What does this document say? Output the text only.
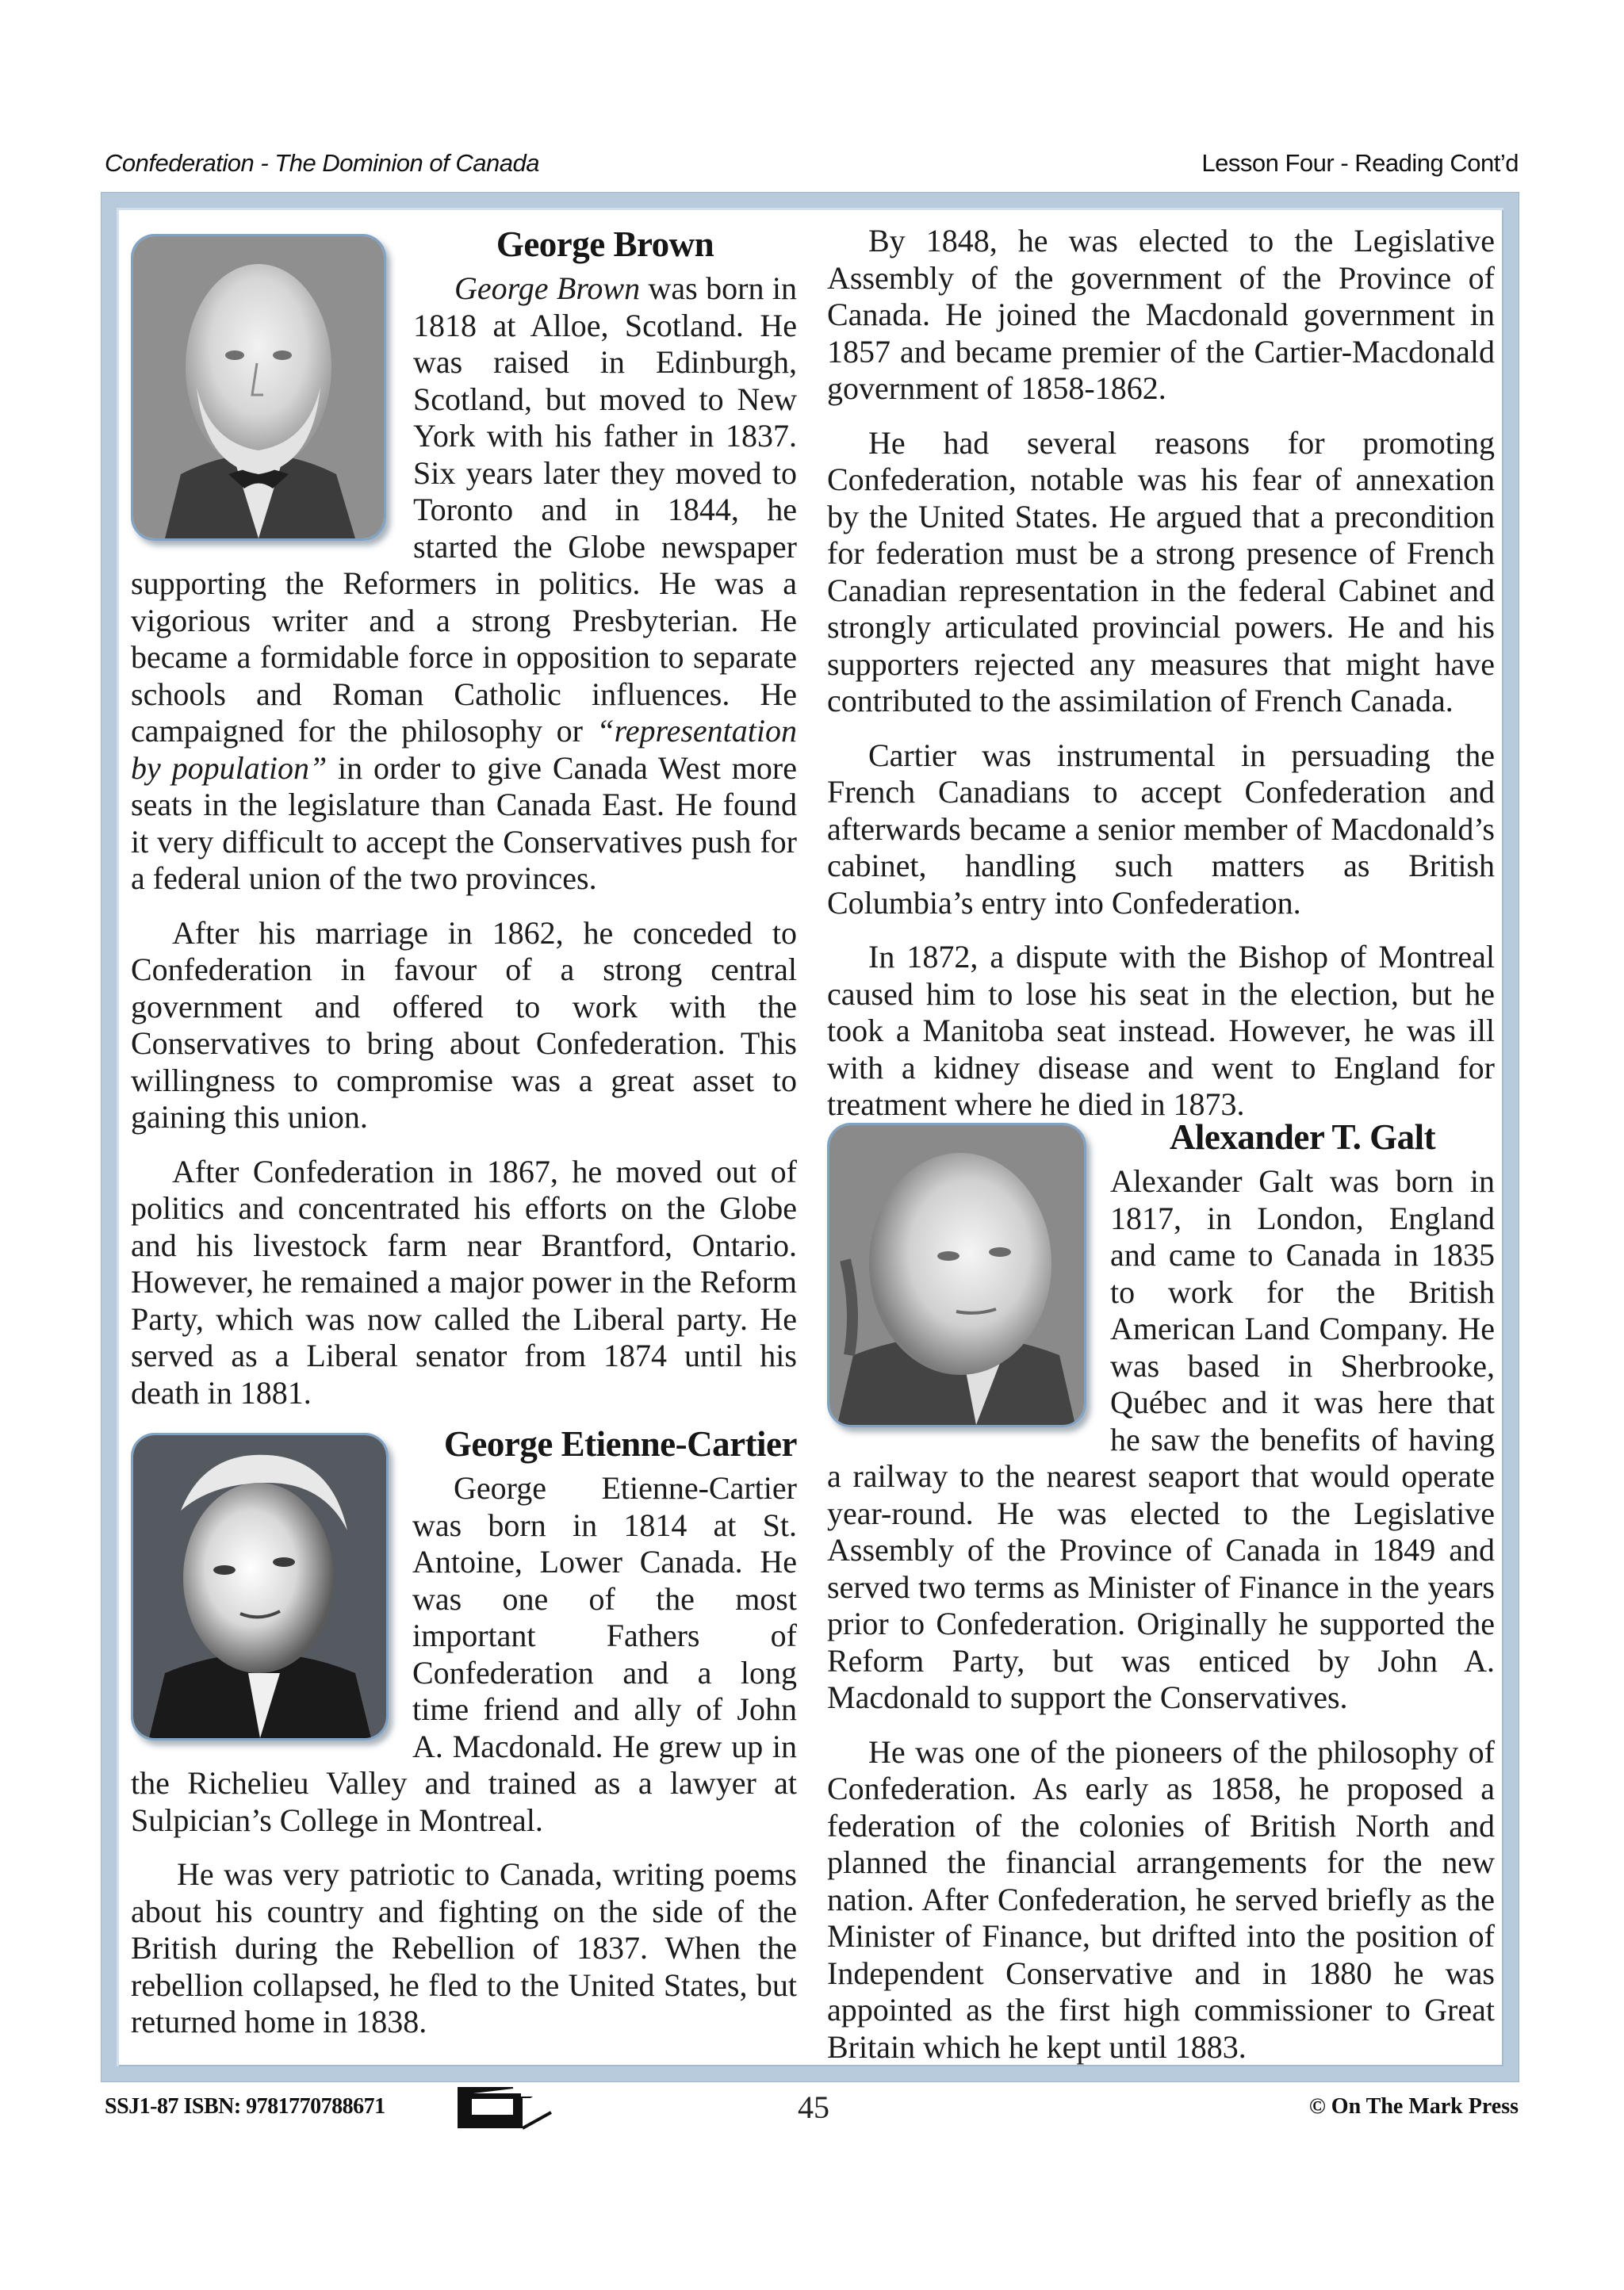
Confederation - The Dominion of Canada	Lesson Four - Reading Cont’d
George Brown

George Brown was born in 1818 at Alloe, Scotland. He was raised in Edinburgh, Scotland, but moved to New York with his father in 1837. Six years later they moved to Toronto and in 1844, he started the Globe newspaper supporting the Reformers in politics. He was a vigorious writer and a strong Presbyterian. He became a formidable force in opposition to separate schools and Roman Catholic influences. He campaigned for the philosophy or “representation by population” in order to give Canada West more seats in the legislature than Canada East. He found it very difficult to accept the Conservatives push for a federal union of the two provinces.

After his marriage in 1862, he conceded to Confederation in favour of a strong central government and offered to work with the Conservatives to bring about Confederation. This willingness to compromise was a great asset to gaining this union.

After Confederation in 1867, he moved out of politics and concentrated his efforts on the Globe and his livestock farm near Brantford, Ontario. However, he remained a major power in the Reform Party, which was now called the Liberal party. He served as a Liberal senator from 1874 until his death in 1881.

George Etienne-Cartier

George Etienne-Cartier was born in 1814 at St. Antoine, Lower Canada. He was one of the most important Fathers of Confederation and a long time friend and ally of John A. Macdonald. He grew up in the Richelieu Valley and trained as a lawyer at Sulpician’s College in Montreal.

He was very patriotic to Canada, writing poems about his country and fighting on the side of the British during the Rebellion of 1837. When the rebellion collapsed, he fled to the United States, but returned home in 1838.

By 1848, he was elected to the Legislative Assembly of the government of the Province of Canada. He joined the Macdonald government in 1857 and became premier of the Cartier-Macdonald government of 1858-1862.

He had several reasons for promoting Confederation, notable was his fear of annexation by the United States. He argued that a precondition for federation must be a strong presence of French Canadian representation in the federal Cabinet and strongly articulated provincial powers. He and his supporters rejected any measures that might have contributed to the assimilation of French Canada.

Cartier was instrumental in persuading the French Canadians to accept Confederation and afterwards became a senior member of Macdonald’s cabinet, handling such matters as British Columbia’s entry into Confederation.

In 1872, a dispute with the Bishop of Montreal caused him to lose his seat in the election, but he took a Manitoba seat instead. However, he was ill with a kidney disease and went to England for treatment where he died in 1873.

Alexander T. Galt

Alexander Galt was born in 1817, in London, England and came to Canada in 1835 to work for the British American Land Company. He was based in Sherbrooke, Québec and it was here that he saw the benefits of having a railway to the nearest seaport that would operate year-round. He was elected to the Legislative Assembly of the Province of Canada in 1849 and served two terms as Minister of Finance in the years prior to Confederation. Originally he supported the Reform Party, but was enticed by John A. Macdonald to support the Conservatives.

He was one of the pioneers of the philosophy of Confederation. As early as 1858, he proposed a federation of the colonies of British North and planned the financial arrangements for the new nation. After Confederation, he served briefly as the Minister of Finance, but drifted into the position of Independent Conservative and in 1880 he was appointed as the first high commissioner to Great Britain which he kept until 1883.

SSJ1-87 ISBN: 9781770788671	45	© On The Mark Press
